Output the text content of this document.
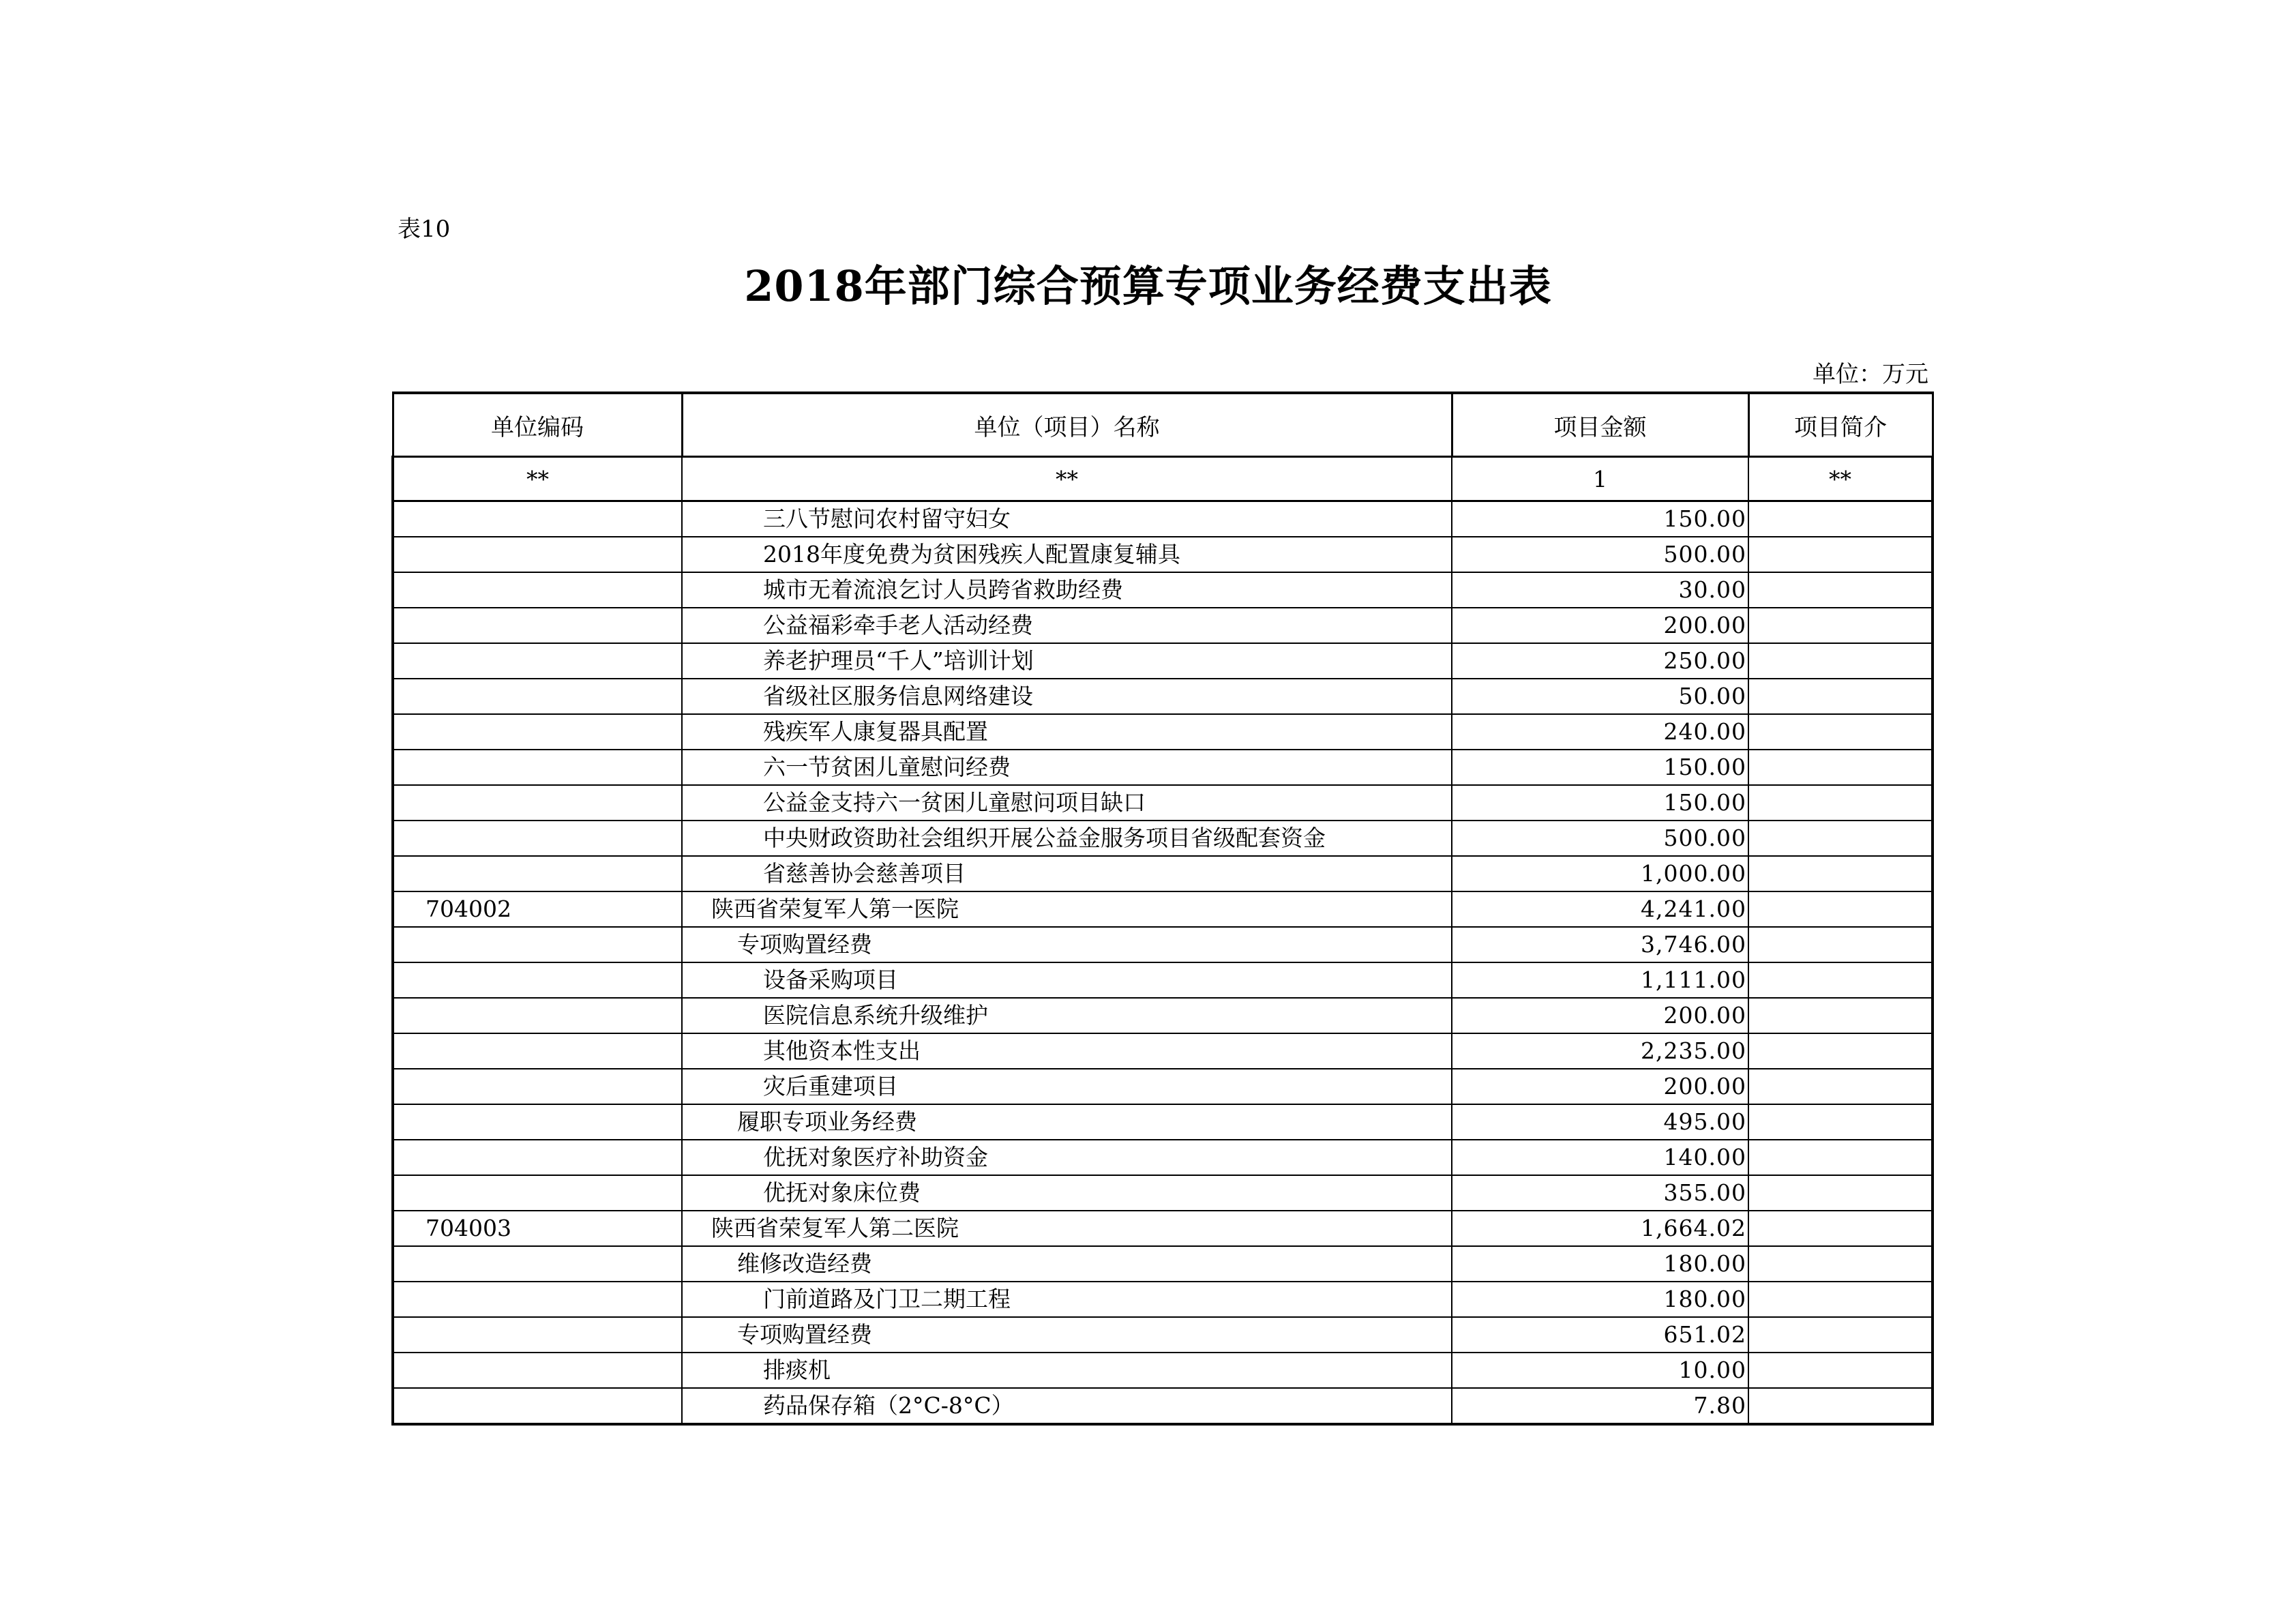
表10
2018年部门综合预算专项业务经费支出表
单位：万元
单位编码	单位（项目）名称	项目金额	项目简介
**	**	1	**
	三八节慰问农村留守妇女	150.00	
	2018年度免费为贫困残疾人配置康复辅具	500.00	
	城市无着流浪乞讨人员跨省救助经费	30.00	
	公益福彩牵手老人活动经费	200.00	
	养老护理员“千人”培训计划	250.00	
	省级社区服务信息网络建设	50.00	
	残疾军人康复器具配置	240.00	
	六一节贫困儿童慰问经费	150.00	
	公益金支持六一贫困儿童慰问项目缺口	150.00	
	中央财政资助社会组织开展公益金服务项目省级配套资金	500.00	
	省慈善协会慈善项目	1,000.00	
704002	陕西省荣复军人第一医院	4,241.00	
	专项购置经费	3,746.00	
	设备采购项目	1,111.00	
	医院信息系统升级维护	200.00	
	其他资本性支出	2,235.00	
	灾后重建项目	200.00	
	履职专项业务经费	495.00	
	优抚对象医疗补助资金	140.00	
	优抚对象床位费	355.00	
704003	陕西省荣复军人第二医院	1,664.02	
	维修改造经费	180.00	
	门前道路及门卫二期工程	180.00	
	专项购置经费	651.02	
	排痰机	10.00	
	药品保存箱（2°C-8°C）	7.80	
